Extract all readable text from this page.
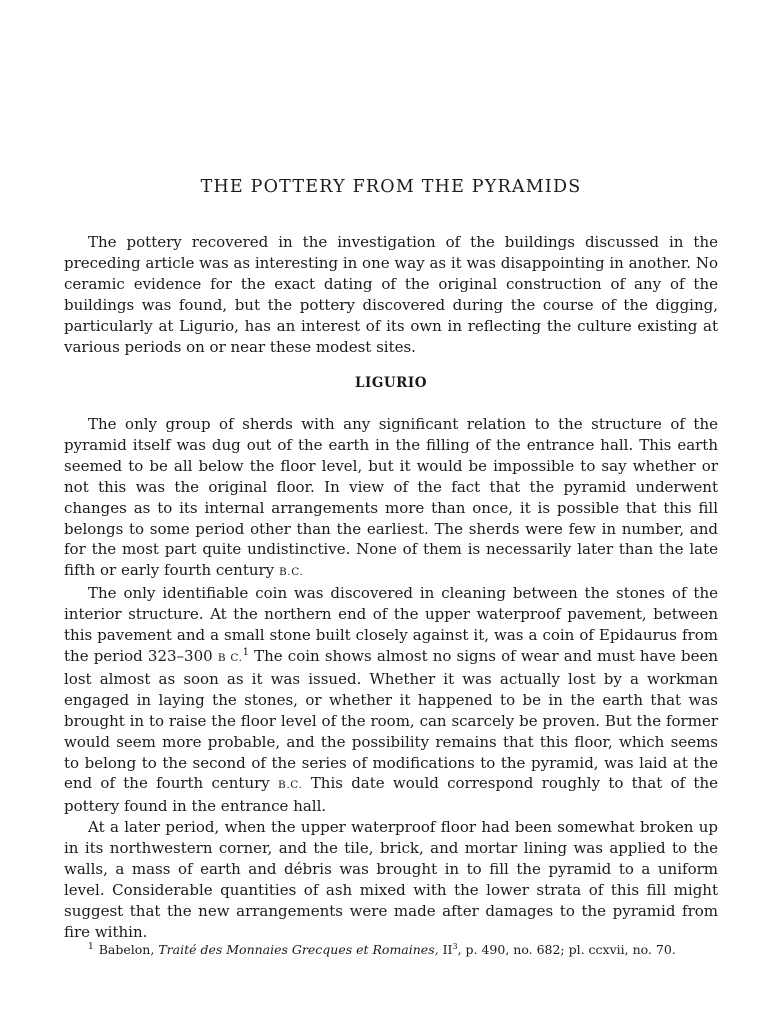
THE POTTERY FROM THE PYRAMIDS

The pottery recovered in the investigation of the buildings discussed in the preceding article was as interesting in one way as it was disappointing in another. No ceramic evidence for the exact dating of the original construction of any of the buildings was found, but the pottery discovered during the course of the digging, particularly at Ligurio, has an interest of its own in reflecting the culture existing at various periods on or near these modest sites.

LIGURIO

The only group of sherds with any significant relation to the structure of the pyramid itself was dug out of the earth in the filling of the entrance hall. This earth seemed to be all below the floor level, but it would be impossible to say whether or not this was the original floor. In view of the fact that the pyramid underwent changes as to its internal arrangements more than once, it is possible that this fill belongs to some period other than the earliest. The sherds were few in number, and for the most part quite undistinctive. None of them is necessarily later than the late fifth or early fourth century B.C.

The only identifiable coin was discovered in cleaning between the stones of the interior structure. At the northern end of the upper waterproof pavement, between this pavement and a small stone built closely against it, was a coin of Epidaurus from the period 323–300 B C.$^1$ The coin shows almost no signs of wear and must have been lost almost as soon as it was issued. Whether it was actually lost by a workman engaged in laying the stones, or whether it happened to be in the earth that was brought in to raise the floor level of the room, can scarcely be proven. But the former would seem more probable, and the possibility remains that this floor, which seems to belong to the second of the series of modifications to the pyramid, was laid at the end of the fourth century B.C. This date would correspond roughly to that of the pottery found in the entrance hall.

At a later period, when the upper waterproof floor had been somewhat broken up in its northwestern corner, and the tile, brick, and mortar lining was applied to the walls, a mass of earth and débris was brought in to fill the pyramid to a uniform level. Considerable quantities of ash mixed with the lower strata of this fill might suggest that the new arrangements were made after damages to the pyramid from fire within.

$^1$ Babelon, Traité des Monnaies Grecques et Romaines, $II^3$, p. 490, no. 682; pl. ccxvii, no. 70.
